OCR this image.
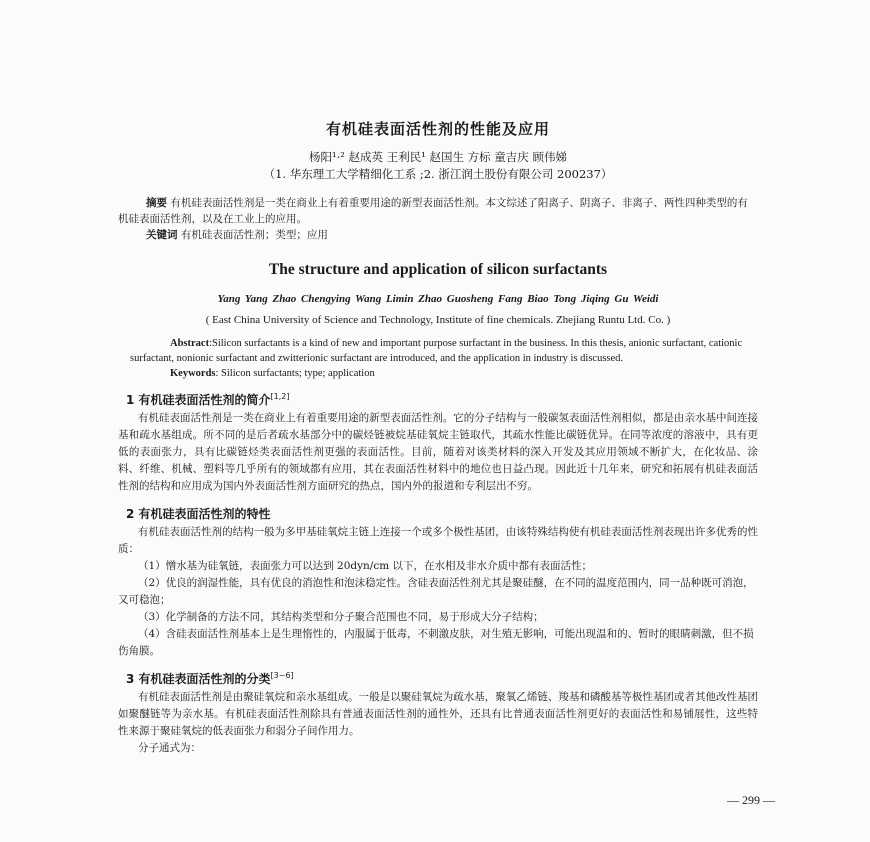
有机硅表面活性剂的性能及应用
杨阳¹·² 赵成英 王利民¹ 赵国生 方标 童吉庆 顾伟娣
（1. 华东理工大学精细化工系 ;2. 浙江润土股份有限公司 200237）
摘要 有机硅表面活性剂是一类在商业上有着重要用途的新型表面活性剂。本文综述了阳离子、阴离子、非离子、两性四种类型的有机硅表面活性剂，以及在工业上的应用。
关键词 有机硅表面活性剂；类型；应用
The structure and application of silicon surfactants
Yang Yang Zhao Chengying Wang Limin Zhao Guosheng Fang Biao Tong Jiqing Gu Weidi
( East China University of Science and Technology, Institute of fine chemicals. Zhejiang Runtu Ltd. Co. )
Abstract:Silicon surfactants is a kind of new and important purpose surfactant in the business. In this thesis, anionic surfactant, cationic surfactant, nonionic surfactant and zwitterionic surfactant are introduced, and the application in industry is discussed.
Keywords: Silicon surfactants; type; application
1 有机硅表面活性剂的简介[1,2]

有机硅表面活性剂是一类在商业上有着重要用途的新型表面活性剂。它的分子结构与一般碳氢表面活性剂相似，都是由亲水基中间连接基和疏水基组成。所不同的是后者疏水基部分中的碳烃链被烷基硅氧烷主链取代，其疏水性能比碳链优异。在同等浓度的溶液中，具有更低的表面张力，具有比碳链烃类表面活性剂更强的表面活性。目前，随着对该类材料的深入开发及其应用领域不断扩大，在化妆品、涂料、纤维、机械、塑料等几乎所有的领域都有应用，其在表面活性材料中的地位也日益凸现。因此近十几年来，研究和拓展有机硅表面活性剂的结构和应用成为国内外表面活性剂方面研究的热点，国内外的报道和专利层出不穷。

2 有机硅表面活性剂的特性

有机硅表面活性剂的结构一般为多甲基硅氧烷主链上连接一个或多个极性基团，由该特殊结构使有机硅表面活性剂表现出许多优秀的性质：

（1）憎水基为硅氧链，表面张力可以达到 20dyn/cm 以下，在水相及非水介质中都有表面活性；

（2）优良的润湿性能，具有优良的消泡性和泡沫稳定性。含硅表面活性剂尤其是聚硅醚，在不同的温度范围内，同一品种既可消泡，又可稳泡；

（3）化学制备的方法不同，其结构类型和分子聚合范围也不同，易于形成大分子结构；

（4）含硅表面活性剂基本上是生理惰性的，内服属于低毒，不刺激皮肤，对生殖无影响，可能出现温和的、暂时的眼睛刺激，但不损伤角膜。

3 有机硅表面活性剂的分类[3~6]

有机硅表面活性剂是由聚硅氧烷和亲水基组成。一般是以聚硅氧烷为疏水基，聚氧乙烯链、羧基和磷酸基等极性基团或者其他改性基团如聚醚链等为亲水基。有机硅表面活性剂除具有普通表面活性剂的通性外，还具有比普通表面活性剂更好的表面活性和易铺展性，这些特性来源于聚硅氧烷的低表面张力和弱分子间作用力。

分子通式为：

— 299 —
